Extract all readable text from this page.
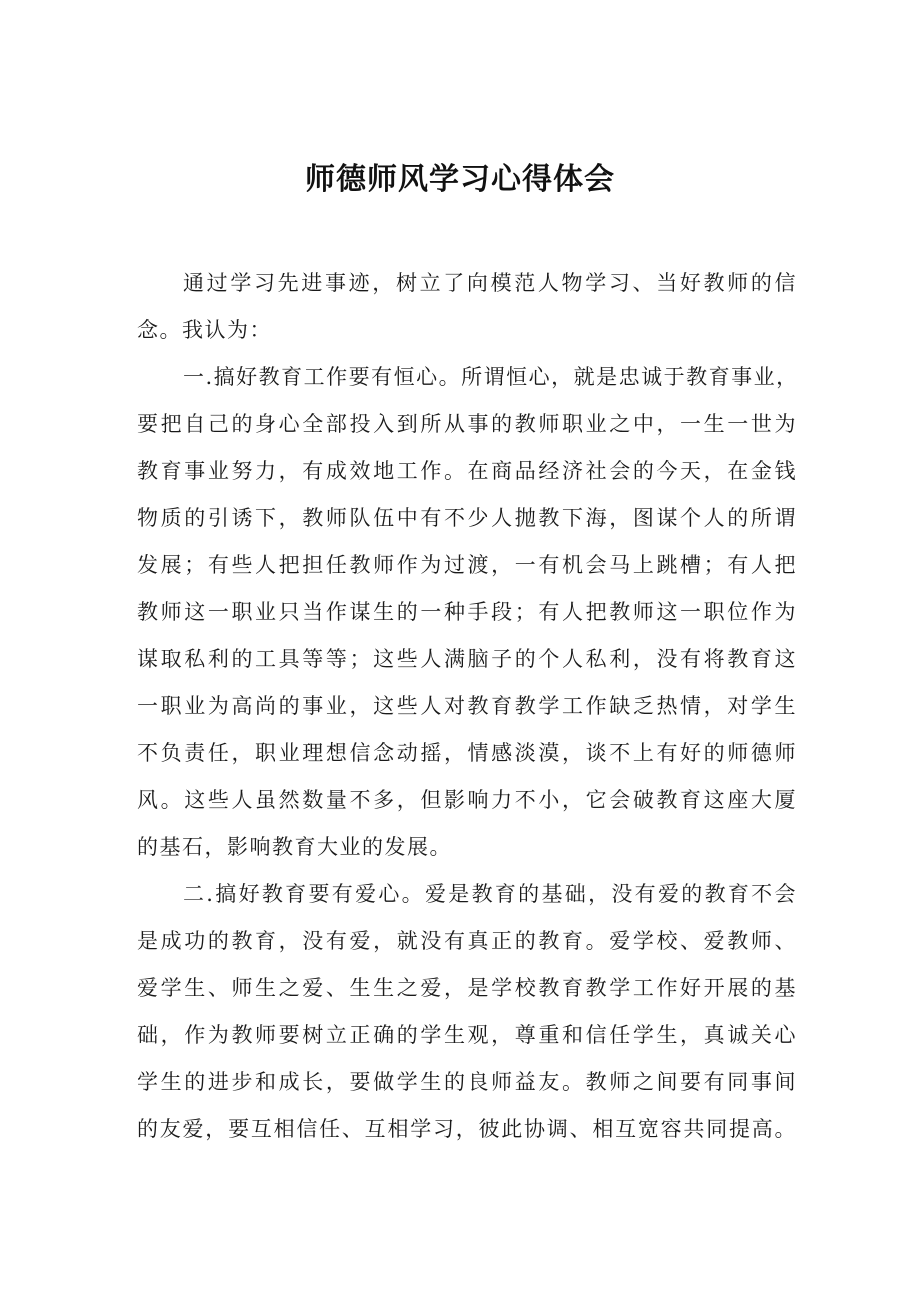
师德师风学习心得体会
通过学习先进事迹，树立了向模范人物学习、当好教师的信
念。我认为：
一.搞好教育工作要有恒心。所谓恒心，就是忠诚于教育事业，
要把自己的身心全部投入到所从事的教师职业之中，一生一世为
教育事业努力，有成效地工作。在商品经济社会的今天，在金钱
物质的引诱下，教师队伍中有不少人抛教下海，图谋个人的所谓
发展；有些人把担任教师作为过渡，一有机会马上跳槽；有人把
教师这一职业只当作谋生的一种手段；有人把教师这一职位作为
谋取私利的工具等等；这些人满脑子的个人私利，没有将教育这
一职业为高尚的事业，这些人对教育教学工作缺乏热情，对学生
不负责任，职业理想信念动摇，情感淡漠，谈不上有好的师德师
风。这些人虽然数量不多，但影响力不小，它会破教育这座大厦
的基石，影响教育大业的发展。
二.搞好教育要有爱心。爱是教育的基础，没有爱的教育不会
是成功的教育，没有爱，就没有真正的教育。爱学校、爱教师、
爱学生、师生之爱、生生之爱，是学校教育教学工作好开展的基
础，作为教师要树立正确的学生观，尊重和信任学生，真诚关心
学生的进步和成长，要做学生的良师益友。教师之间要有同事间
的友爱，要互相信任、互相学习，彼此协调、相互宽容共同提高。
